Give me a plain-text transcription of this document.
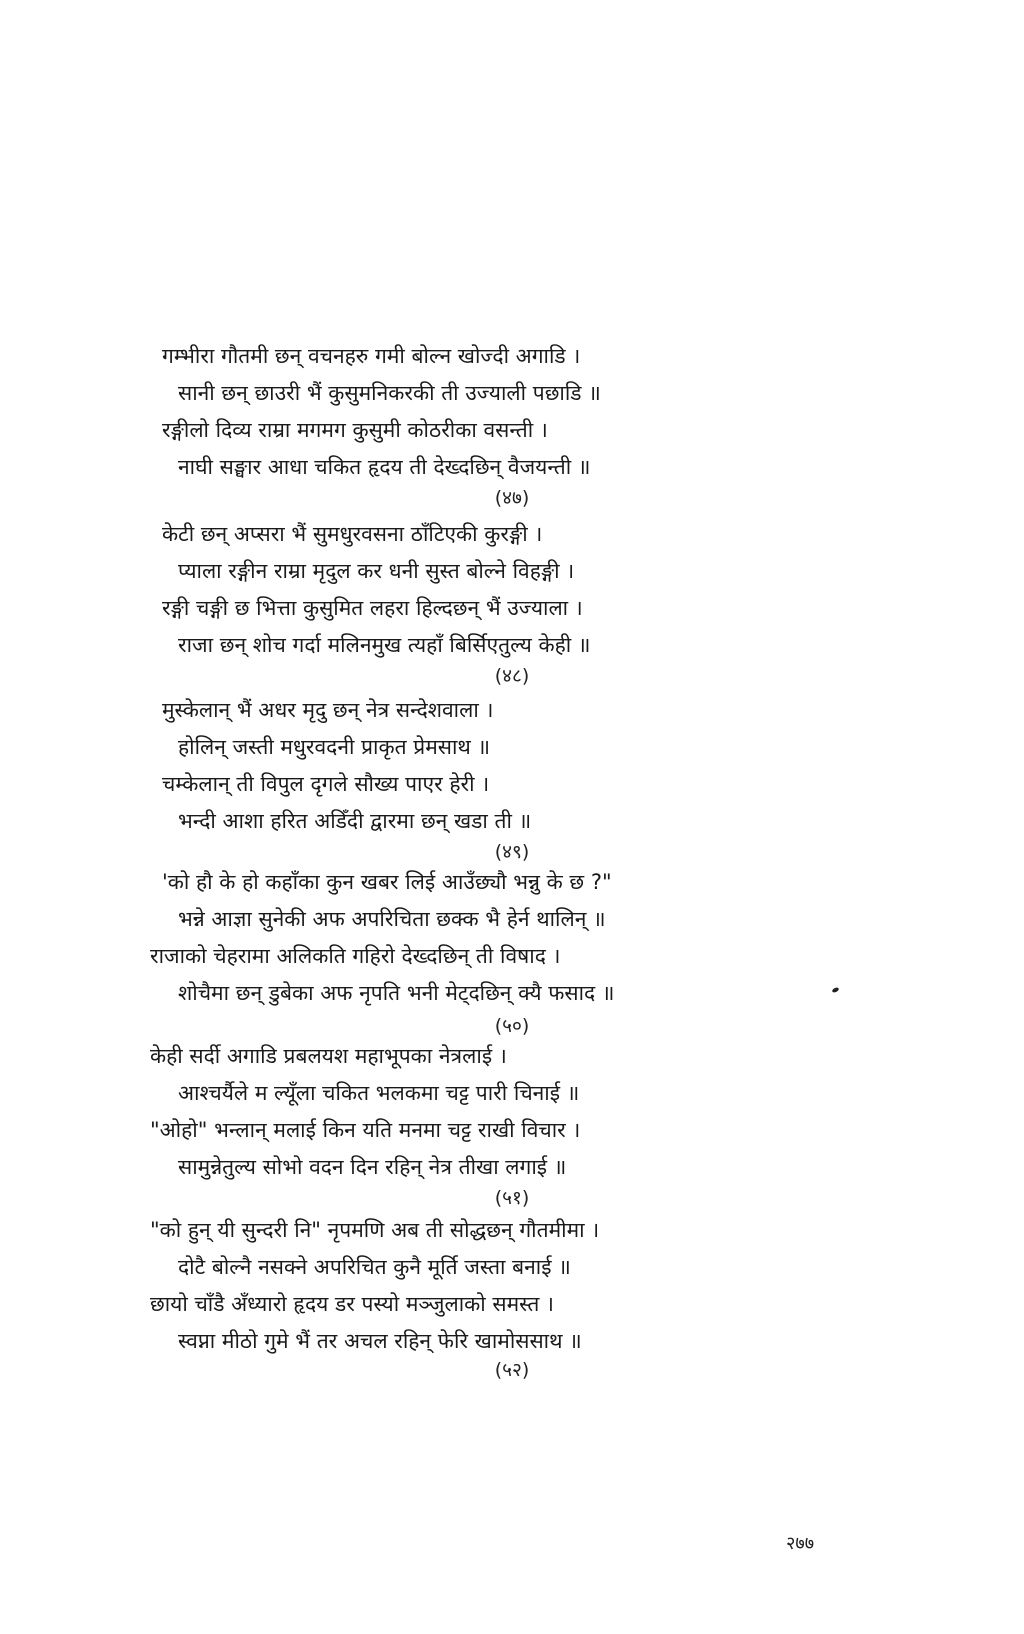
गम्भीरा गौतमी छन् वचनहरु गमी बोल्न खोज्दी अगाडि ।
सानी छन् छाउरी भैं कुसुमनिकरकी ती उज्याली पछाडि ॥
रङ्गीलो दिव्य राम्रा मगमग कुसुमी कोठरीका वसन्ती ।
नाघी सङ्घार आधा चकित हृदय ती देख्दछिन् वैजयन्ती ॥
(४७)
केटी छन् अप्सरा भैं सुमधुरवसना ठाँटिएकी कुरङ्गी ।
प्याला रङ्गीन राम्रा मृदुल कर धनी सुस्त बोल्ने विहङ्गी ।
रङ्गी चङ्गी छ भित्ता कुसुमित लहरा हिल्दछन् भैं उज्याला ।
राजा छन् शोच गर्दा मलिनमुख त्यहाँ बिर्सिएतुल्य केही ॥
(४८)
मुस्केलान् भैं अधर मृदु छन् नेत्र सन्देशवाला ।
होलिन् जस्ती मधुरवदनी प्राकृत प्रेमसाथ ॥
चम्केलान् ती विपुल दृगले सौख्य पाएर हेरी ।
भन्दी आशा हरित अडिँदी द्वारमा छन् खडा ती ॥
(४९)
'को हौ के हो कहाँका कुन खबर लिई आउँछ्यौ भन्नु के छ ?"
भन्ने आज्ञा सुनेकी अफ अपरिचिता छक्क भै हेर्न थालिन् ॥
राजाको चेहरामा अलिकति गहिरो देख्दछिन् ती विषाद ।
शोचैमा छन् डुबेका अफ नृपति भनी मेट्दछिन् क्यै फसाद ॥
(५०)
केही सर्दी अगाडि प्रबलयश महाभूपका नेत्रलाई ।
आश्चर्यैले म ल्यूँला चकित भलकमा चट्ट पारी चिनाई ॥
"ओहो" भन्लान् मलाई किन यति मनमा चट्ट राखी विचार ।
सामुन्नेतुल्य सोभो वदन दिन रहिन् नेत्र तीखा लगाई ॥
(५१)
"को हुन् यी सुन्दरी नि" नृपमणि अब ती सोद्धछन् गौतमीमा ।
दोटै बोल्नै नसक्ने अपरिचित कुनै मूर्ति जस्ता बनाई ॥
छायो चाँडै अँध्यारो हृदय डर पस्यो मञ्जुलाको समस्त ।
स्वप्ना मीठो गुमे भैं तर अचल रहिन् फेरि खामोससाथ ॥
(५२)
२७७
